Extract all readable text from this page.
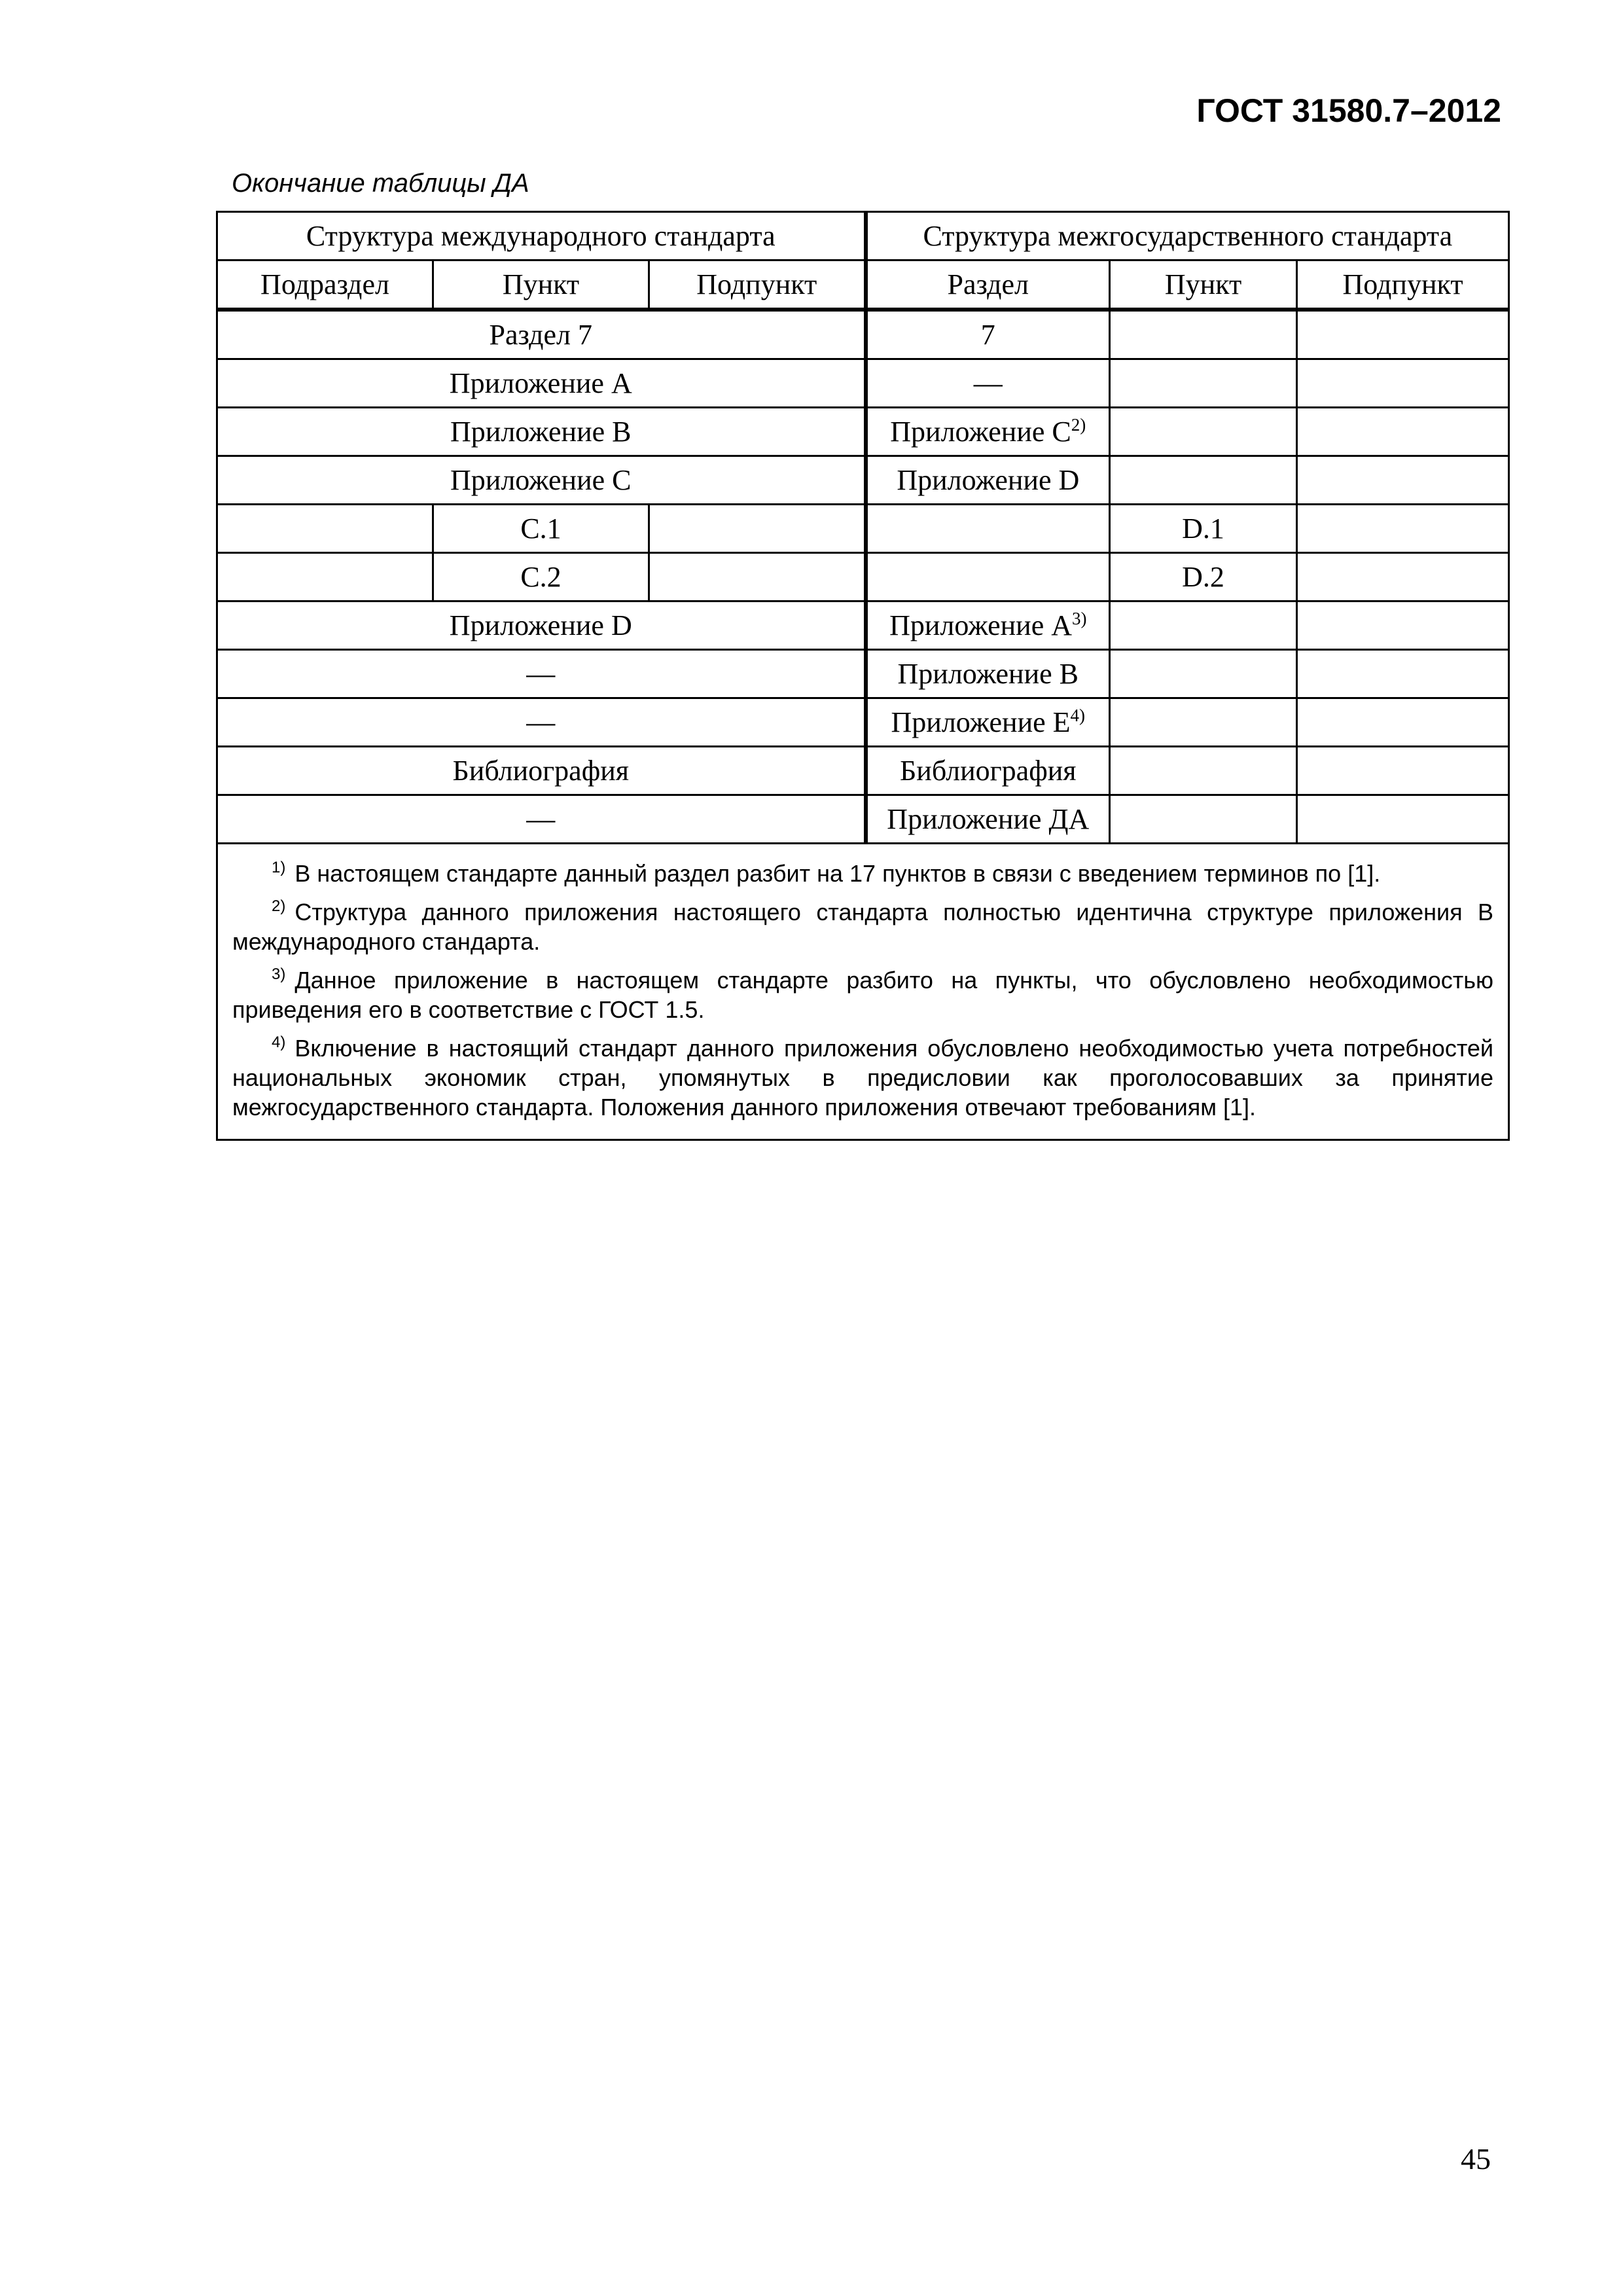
ГОСТ 31580.7–2012
Окончание таблицы ДА
Структура международного стандарта			Структура межгосударственного стандарта		
Подраздел	Пункт	Подпункт	Раздел	Пункт	Подпункт
Раздел 7			7		
Приложение А			—		
Приложение В			Приложение $С^{2)}$		
Приложение С			Приложение D		
	С.1			D.1	
	С.2			D.2	
Приложение D			Приложение $А^{3)}$		
—			Приложение В		
—			Приложение $Е^{4)}$		
Библиография			Библиография		
—			Приложение ДА		

$^{1)}$ В настоящем стандарте данный раздел разбит на 17 пунктов в связи с введением терминов по [1].
$^{2)}$ Структура данного приложения настоящего стандарта полностью идентична структуре приложения В международного стандарта.
$^{3)}$ Данное приложение в настоящем стандарте разбито на пункты, что обусловлено необходимостью приведения его в соответствие с ГОСТ 1.5.
$^{4)}$ Включение в настоящий стандарт данного приложения обусловлено необходимостью учета потребностей национальных экономик стран, упомянутых в предисловии как проголосовавших за принятие межгосударственного стандарта. Положения данного приложения отвечают требованиям [1].					
45
